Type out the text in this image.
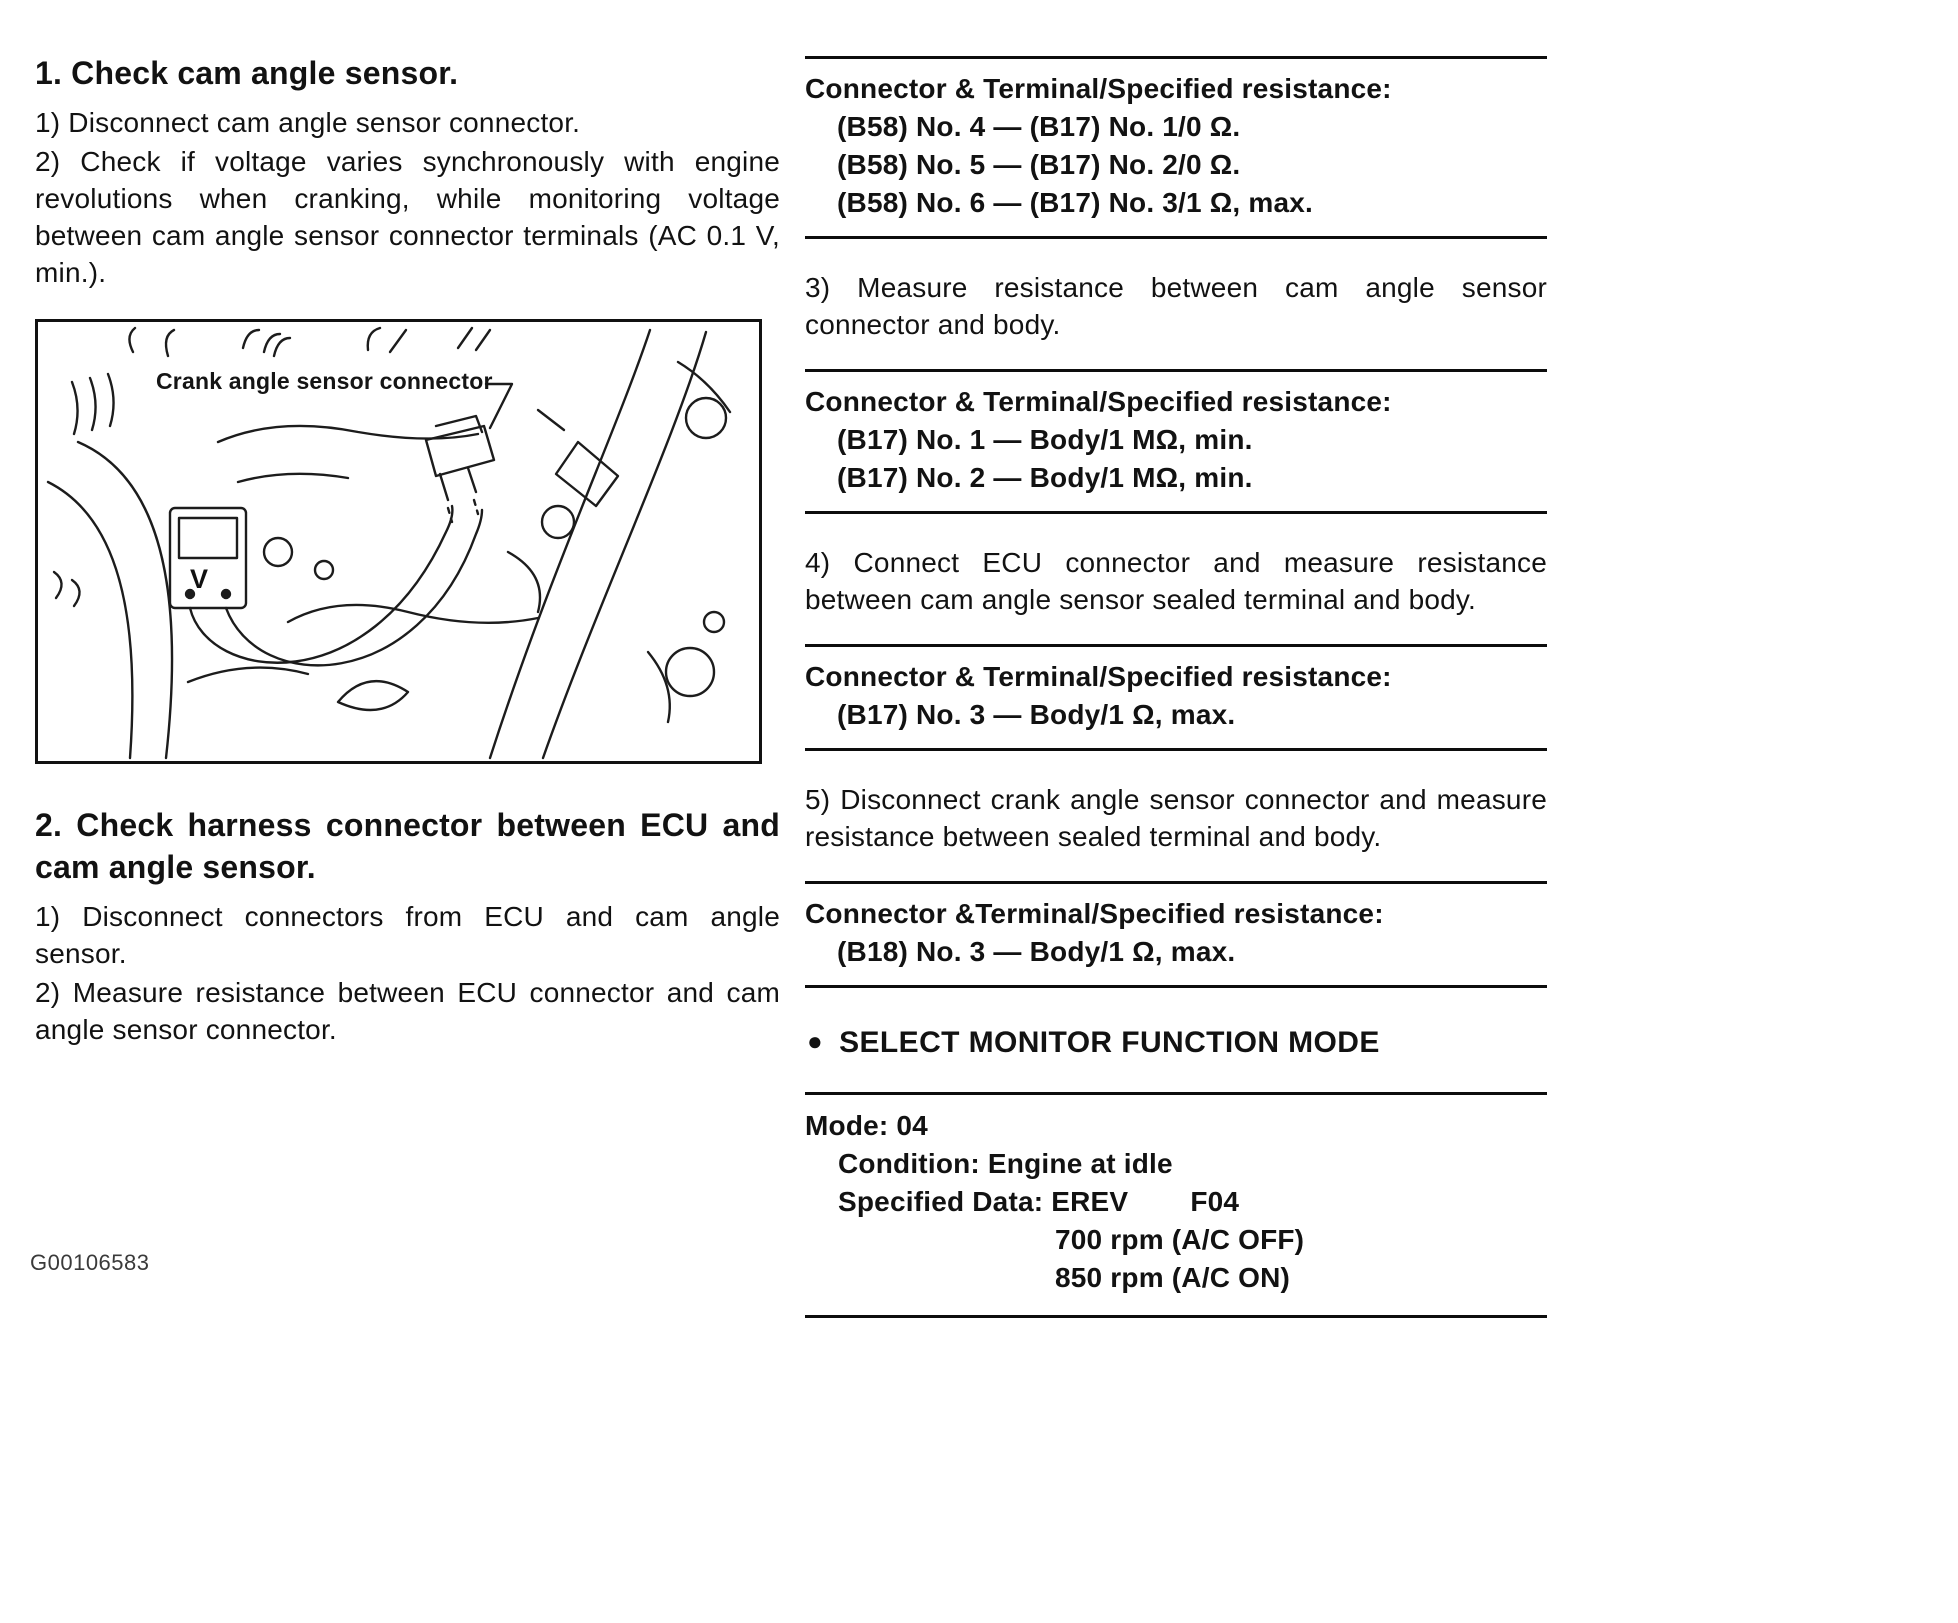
1. Check cam angle sensor.
1) Disconnect cam angle sensor connector.
2) Check if voltage varies synchronously with engine revolutions when cranking, while monitoring voltage between cam angle sensor connector terminals (AC 0.1 V, min.).
Crank angle sensor connector
V
2. Check harness connector between ECU and cam angle sensor.
1) Disconnect connectors from ECU and cam angle sensor.
2) Measure resistance between ECU connector and cam angle sensor connector.
Connector & Terminal/Specified resistance:
(B58) No. 4 — (B17) No. 1/0 Ω.
(B58) No. 5 — (B17) No. 2/0 Ω.
(B58) No. 6 — (B17) No. 3/1 Ω, max.
3) Measure resistance between cam angle sensor connector and body.
Connector & Terminal/Specified resistance:
(B17) No. 1 — Body/1 MΩ, min.
(B17) No. 2 — Body/1 MΩ, min.
4) Connect ECU connector and measure resistance between cam angle sensor sealed terminal and body.
Connector & Terminal/Specified resistance:
(B17) No. 3 — Body/1 Ω, max.
5) Disconnect crank angle sensor connector and measure resistance between sealed terminal and body.
Connector &Terminal/Specified resistance:
(B18) No. 3 — Body/1 Ω, max.
● SELECT MONITOR FUNCTION MODE
Mode: 04
Condition: Engine at idle
Specified Data: EREV F04
700 rpm (A/C OFF)
850 rpm (A/C ON)
G00106583
